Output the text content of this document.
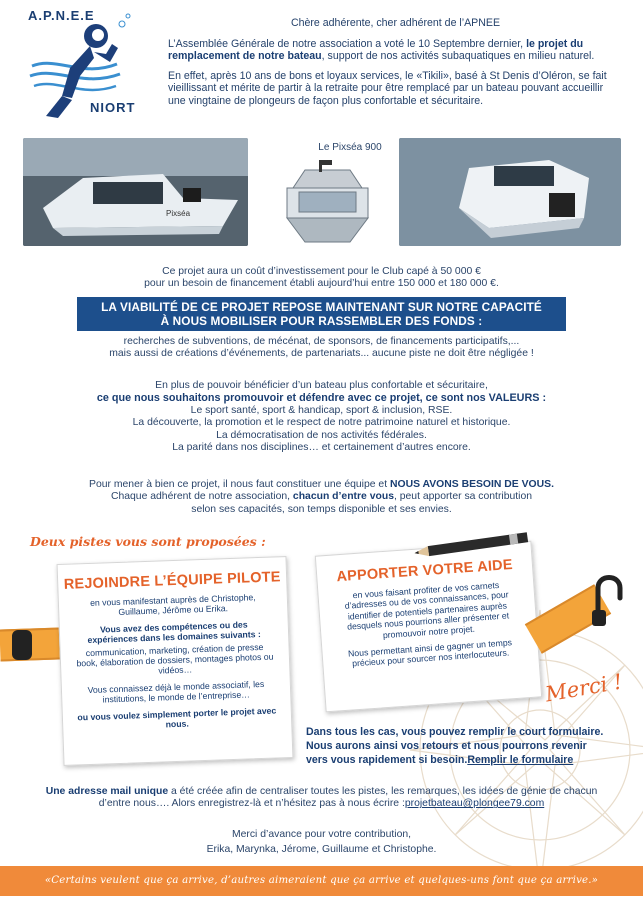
A.P.N.E.E
NIORT

Chère adhérente, cher adhérent de l’APNEE

L’Assemblée Générale de notre association a voté le 10 Septembre dernier, le projet du remplacement de notre bateau, support de nos activités subaquatiques en milieu naturel.

En effet, après 10 ans de bons et loyaux services, le «Tikili», basé à St Denis d’Oléron, se fait vieillissant et mérite de partir à la retraite pour être remplacé par un bateau pouvant accueillir une vingtaine de plongeurs de façon plus confortable et sécuritaire.

Pixséa
Le Pixséa 900
Ce projet aura un coût d’investissement pour le Club capé à 50 000 €
pour un besoin de financement établi aujourd’hui entre 150 000 et 180 000 €.
LA VIABILITÉ DE CE PROJET REPOSE MAINTENANT SUR NOTRE CAPACITÉ
À NOUS MOBILISER POUR RASSEMBLER DES FONDS :
recherches de subventions, de mécénat, de sponsors, de financements participatifs,...
mais aussi de créations d’événements, de partenariats... aucune piste ne doit être négligée !
En plus de pouvoir bénéficier d’un bateau plus confortable et sécuritaire,
ce que nous souhaitons promouvoir et défendre avec ce projet, ce sont nos VALEURS :
Le sport santé, sport & handicap, sport & inclusion, RSE.
La découverte, la promotion et le respect de notre patrimoine naturel et historique.
La démocratisation de nos activités fédérales.
La parité dans nos disciplines… et certainement d’autres encore.
Pour mener à bien ce projet, il nous faut constituer une équipe et NOUS AVONS BESOIN DE VOUS.
Chaque adhérent de notre association, chacun d’entre vous, peut apporter sa contribution
selon ses capacités, son temps disponible et ses envies.
Deux pistes vous sont proposées :
REJOINDRE L’ÉQUIPE PILOTE

en vous manifestant auprès de Christophe, Guillaume, Jérôme ou Erika.

Vous avez des compétences ou des expériences dans les domaines suivants :

communication, marketing, création de presse book, élaboration de dossiers, montages photos ou vidéos…

Vous connaissez déjà le monde associatif, les institutions, le monde de l’entreprise…

ou vous voulez simplement porter le projet avec nous.

APPORTER VOTRE AIDE

en vous faisant profiter de vos carnets d’adresses ou de vos connaissances, pour identifier de potentiels partenaires auprès desquels nous pourrions aller présenter et promouvoir notre projet.

Nous permettant ainsi de gagner un temps précieux pour sourcer nos interlocuteurs.

Merci !
Dans tous les cas, vous pouvez remplir le court formulaire.
Nous aurons ainsi vos retours et nous pourrons revenir
vers vous rapidement si besoin.Remplir le formulaire
Une adresse mail unique a été créée afin de centraliser toutes les pistes, les remarques, les idées de génie de chacun
d’entre nous…. Alors enregistrez-là et n’hésitez pas à nous écrire :projetbateau@plongee79.com
Merci d’avance pour votre contribution,
Erika, Marynka, Jérome, Guillaume et Christophe.
«Certains veulent que ça arrive, d’autres aimeraient que ça arrive et quelques-uns font que ça arrive.»
